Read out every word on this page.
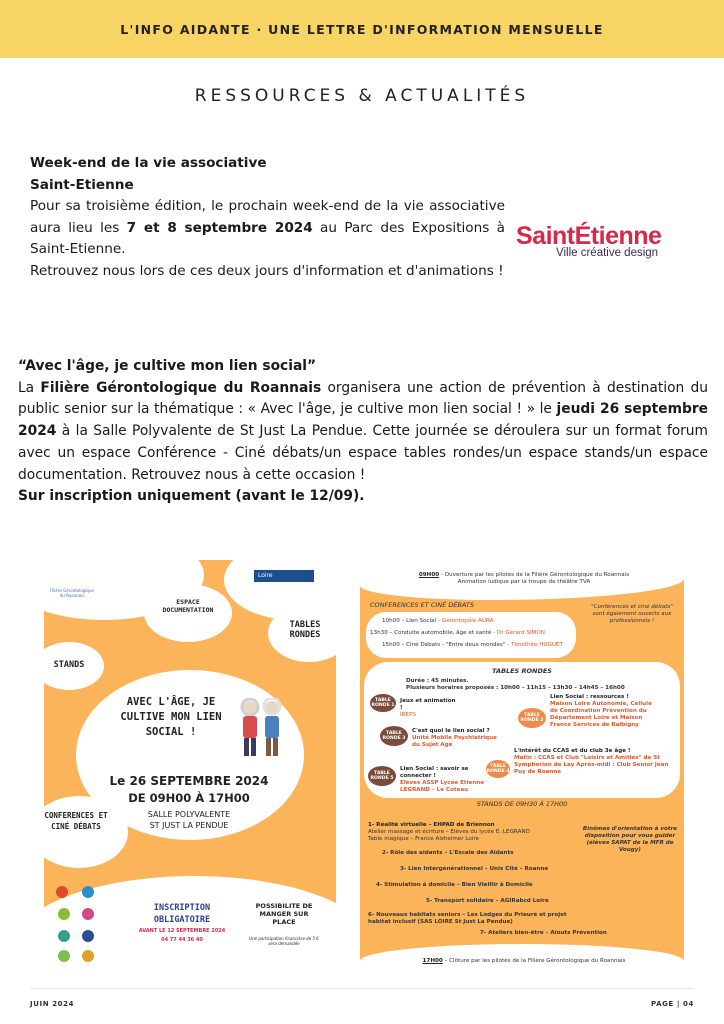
L'INFO AIDANTE · UNE LETTRE D'INFORMATION MENSUELLE
RESSOURCES & ACTUALITÉS
Week-end de la vie associative
Saint-Etienne

Pour sa troisième édition, le prochain week-end de la vie associative aura lieu les 7 et 8 septembre 2024 au Parc des Expositions à Saint-Etienne.

Retrouvez nous lors de ces deux jours d'information et d'animations !

SaintÉtienne
Ville créative design
“Avec l'âge, je cultive mon lien social”

La Filière Gérontologique du Roannais organisera une action de prévention à destination du public senior sur la thématique : « Avec l'âge, je cultive mon lien social ! » le jeudi 26 septembre 2024 à la Salle Polyvalente de St Just La Pendue. Cette journée se déroulera sur un format forum avec un espace Conférence - Ciné débats/un espace tables rondes/un espace stands/un espace documentation. Retrouvez nous à cette occasion !

Sur inscription uniquement (avant le 12/09).
Filière Gérontologique du Roannais
Loire
ESPACE DOCUMENTATION
TABLES RONDES
STANDS
AVEC L'ÂGE, JE CULTIVE MON LIEN SOCIAL !
Le 26 SEPTEMBRE 2024
DE 09H00 À 17H00
SALLE POLYVALENTE
ST JUST LA PENDUE
CONFERENCES ET CINÉ DÉBATS
INSCRIPTION OBLIGATOIRE
AVANT LE 12 SEPTEMBRE 2024
04 77 44 36 40
POSSIBILITE DE MANGER SUR PLACE
Une participation financière de 5 € sera demandée
09H00 - Ouverture par les pilotes de la Filière Gérontologique du Roannais
Animation ludique par la troupe de théâtre TVA
CONFERENCES ET CINÉ DÉBATS	"Conférences et ciné débats" sont également ouverts aux professionnels !
10h00 – Lien Social - Gérontopôle AURA
13h30 – Conduite automobile, âge et santé - Dr Gérard SIMON
15h00 – Ciné Débats - "Entre deux mondes" - Timothée HUGUET
TABLES RONDES
Durée : 45 minutes.
Plusieurs horaires proposés : 10h00 – 11h15 – 13h30 – 14h45 – 16h00
TABLE RONDE 1
Jeux et animation !
IREPS	TABLE RONDE 2
Lien Social : ressources !
Maison Loire Autonomie, Cellule de Coordination Prévention du Département Loire et Maison France Services de Balbigny
TABLE RONDE 3
C'est quoi le lien social ?
Unité Mobile Psychiatrique du Sujet Agé
TABLE RONDE 4
L'intérêt du CCAS et du club 3e âge !
Matin : CCAS et Club "Loisirs et Amitiés" de St Symphorien de Lay Après-midi : Club Senior Jean Puy de Roanne
TABLE RONDE 5
Lien Social : savoir se connecter !
Elèves ASSP Lycée Etienne LEGRAND – Le Coteau
STANDS DE 09H30 À 17H00
1- Réalité virtuelle – EHPAD de Briennon
Atelier massage et écriture – Elèves du lycée E. LEGRAND
Table magique – France Alzheimer Loire
Binômes d'orientation à votre disposition pour vous guider (élèves SAPAT de la MFR de Vougy)
2- Rôle des aidants – L'Escale des Aidants
3- Lien Intergénérationnel – Unis Cité – Roanne
4- Stimulation à domicile – Bien Vieillir à Domicile
5- Transport solidaire – AGIRabcd Loire
6- Nouveaux habitats seniors – Les Lodges du Prieuré et projet habitat inclusif (SAS LOIRE St Just La Pendue)
7- Ateliers bien-être – Aïouts Prévention
17H00 – Clôture par les pilotes de la Filière Gérontologique du Roannais
JUIN 2024	PAGE | 04
